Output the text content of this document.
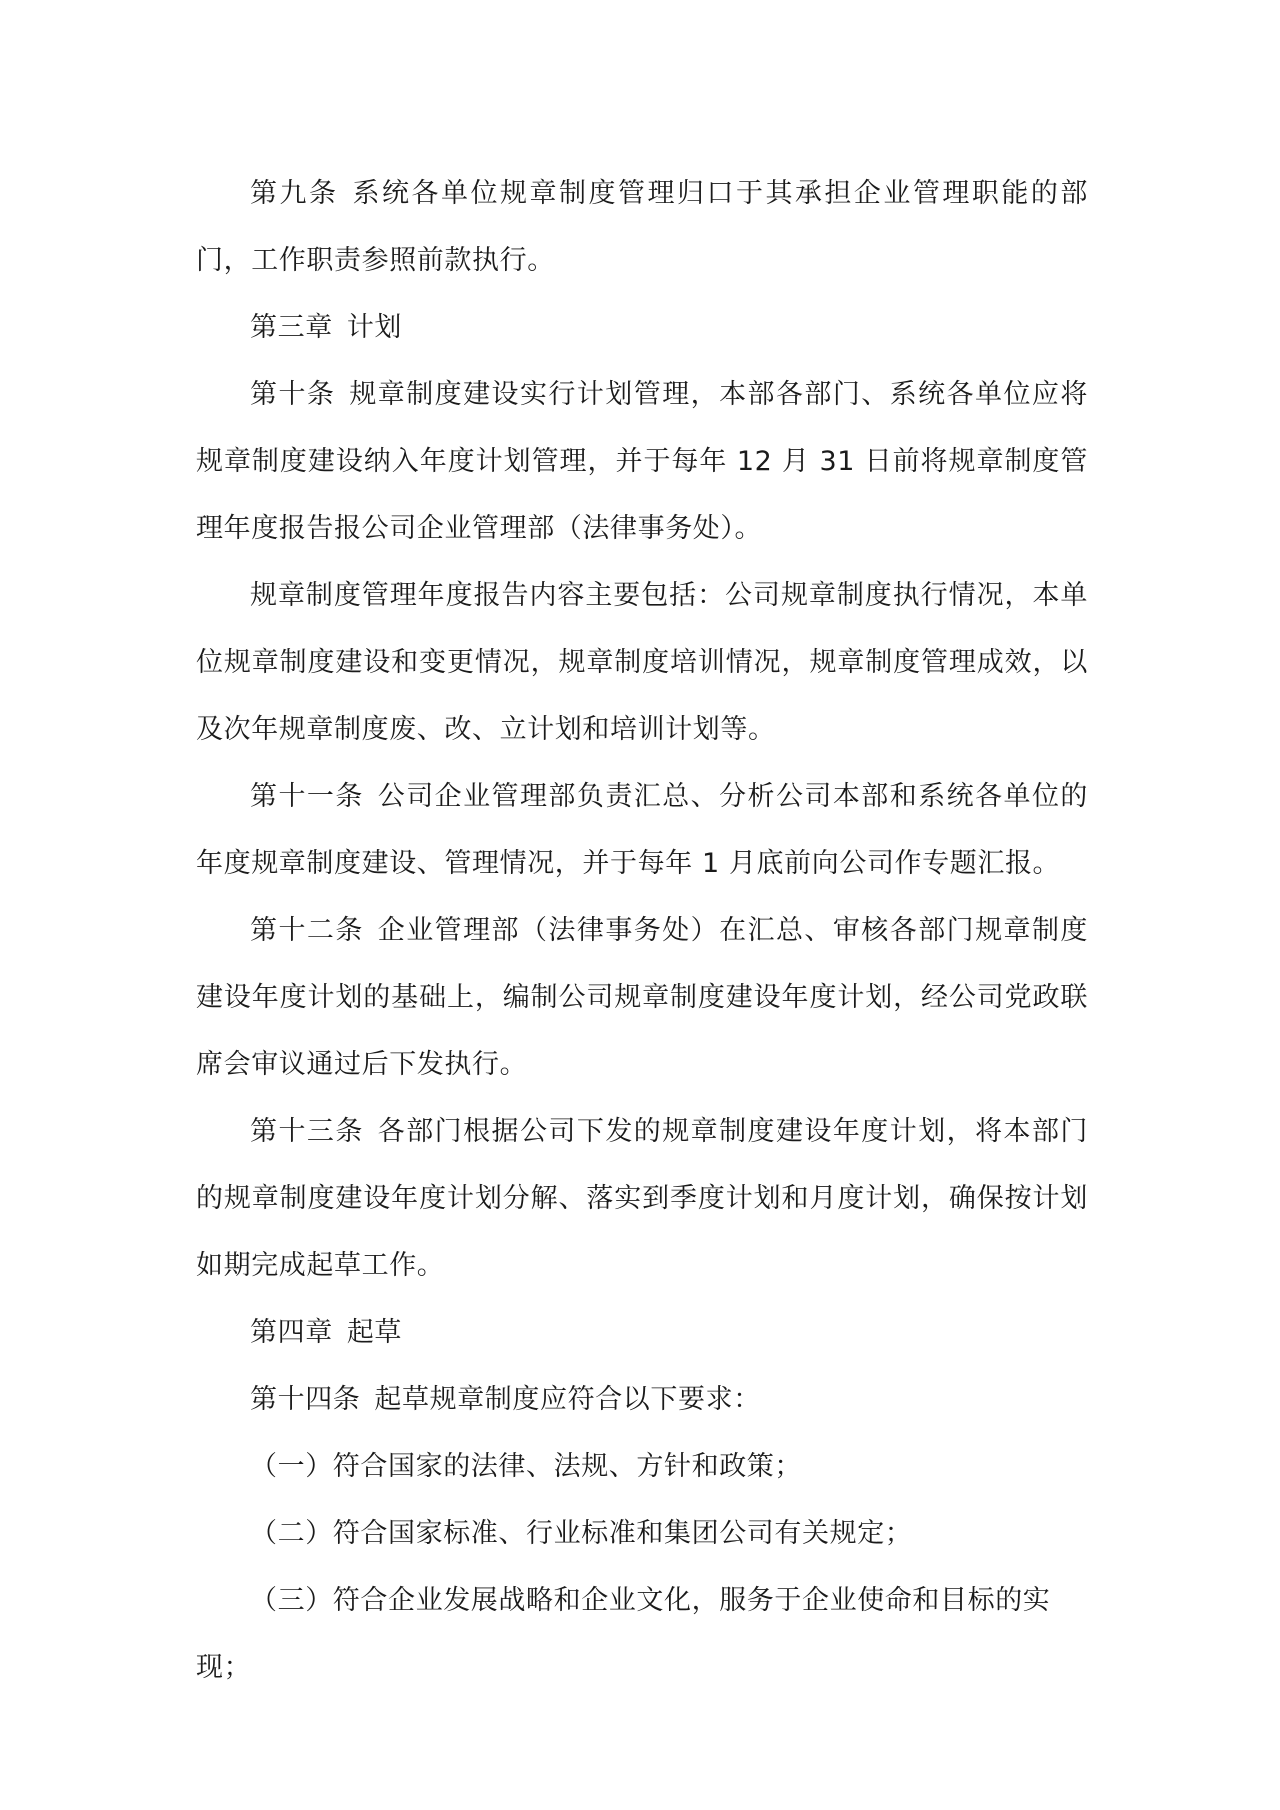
第九条 系统各单位规章制度管理归口于其承担企业管理职能的部门，工作职责参照前款执行。

第三章 计划

第十条 规章制度建设实行计划管理，本部各部门、系统各单位应将规章制度建设纳入年度计划管理，并于每年 12 月 31 日前将规章制度管理年度报告报公司企业管理部（法律事务处）。

规章制度管理年度报告内容主要包括：公司规章制度执行情况，本单位规章制度建设和变更情况，规章制度培训情况，规章制度管理成效，以及次年规章制度废、改、立计划和培训计划等。

第十一条 公司企业管理部负责汇总、分析公司本部和系统各单位的年度规章制度建设、管理情况，并于每年 1 月底前向公司作专题汇报。

第十二条 企业管理部（法律事务处）在汇总、审核各部门规章制度建设年度计划的基础上，编制公司规章制度建设年度计划，经公司党政联席会审议通过后下发执行。

第十三条 各部门根据公司下发的规章制度建设年度计划，将本部门的规章制度建设年度计划分解、落实到季度计划和月度计划，确保按计划如期完成起草工作。

第四章 起草

第十四条 起草规章制度应符合以下要求：

（一）符合国家的法律、法规、方针和政策；

（二）符合国家标准、行业标准和集团公司有关规定；

（三）符合企业发展战略和企业文化，服务于企业使命和目标的实现；
